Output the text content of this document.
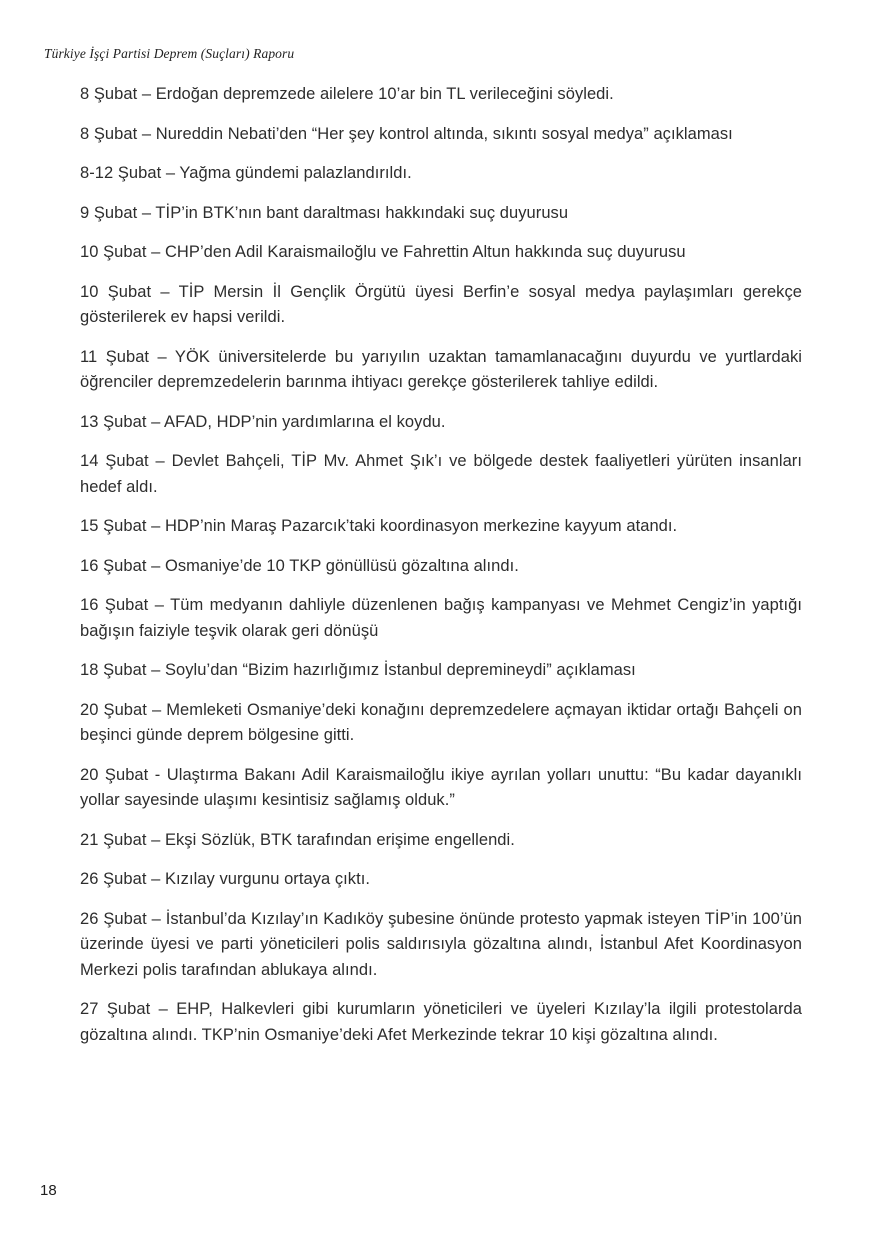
Türkiye İşçi Partisi Deprem (Suçları) Raporu

8 Şubat – Erdoğan depremzede ailelere 10’ar bin TL verileceğini söyledi.

8 Şubat – Nureddin Nebati’den “Her şey kontrol altında, sıkıntı sosyal medya” açıklaması

8-12 Şubat – Yağma gündemi palazlandırıldı.

9 Şubat – TİP’in BTK’nın bant daraltması hakkındaki suç duyurusu

10 Şubat – CHP’den Adil Karaismailoğlu ve Fahrettin Altun hakkında suç duyurusu

10 Şubat – TİP Mersin İl Gençlik Örgütü üyesi Berfin’e sosyal medya paylaşımları gerekçe gösterilerek ev hapsi verildi.

11 Şubat – YÖK üniversitelerde bu yarıyılın uzaktan tamamlanacağını duyurdu ve yurtlardaki öğrenciler depremzedelerin barınma ihtiyacı gerekçe gösterilerek tahliye edildi.

13 Şubat – AFAD, HDP’nin yardımlarına el koydu.

14 Şubat – Devlet Bahçeli, TİP Mv. Ahmet Şık’ı ve bölgede destek faaliyetleri yürüten insanları hedef aldı.

15 Şubat – HDP’nin Maraş Pazarcık’taki koordinasyon merkezine kayyum atandı.

16 Şubat – Osmaniye’de 10 TKP gönüllüsü gözaltına alındı.

16 Şubat – Tüm medyanın dahliyle düzenlenen bağış kampanyası ve Mehmet Cengiz’in yaptığı bağışın faiziyle teşvik olarak geri dönüşü

18 Şubat – Soylu’dan “Bizim hazırlığımız İstanbul depremineydi” açıklaması

20 Şubat – Memleketi Osmaniye’deki konağını depremzedelere açmayan iktidar ortağı Bahçeli on beşinci günde deprem bölgesine gitti.

20 Şubat - Ulaştırma Bakanı Adil Karaismailoğlu ikiye ayrılan yolları unuttu: “Bu kadar dayanıklı yollar sayesinde ulaşımı kesintisiz sağlamış olduk.”

21 Şubat – Ekşi Sözlük, BTK tarafından erişime engellendi.

26 Şubat – Kızılay vurgunu ortaya çıktı.

26 Şubat – İstanbul’da Kızılay’ın Kadıköy şubesine önünde protesto yapmak isteyen TİP’in 100’ün üzerinde üyesi ve parti yöneticileri polis saldırısıyla gözaltına alındı, İstanbul Afet Koordinasyon Merkezi polis tarafından ablukaya alındı.

27 Şubat – EHP, Halkevleri gibi kurumların yöneticileri ve üyeleri Kızılay’la ilgili protestolarda gözaltına alındı. TKP’nin Osmaniye’deki Afet Merkezinde tekrar 10 kişi gözaltına alındı.

18
